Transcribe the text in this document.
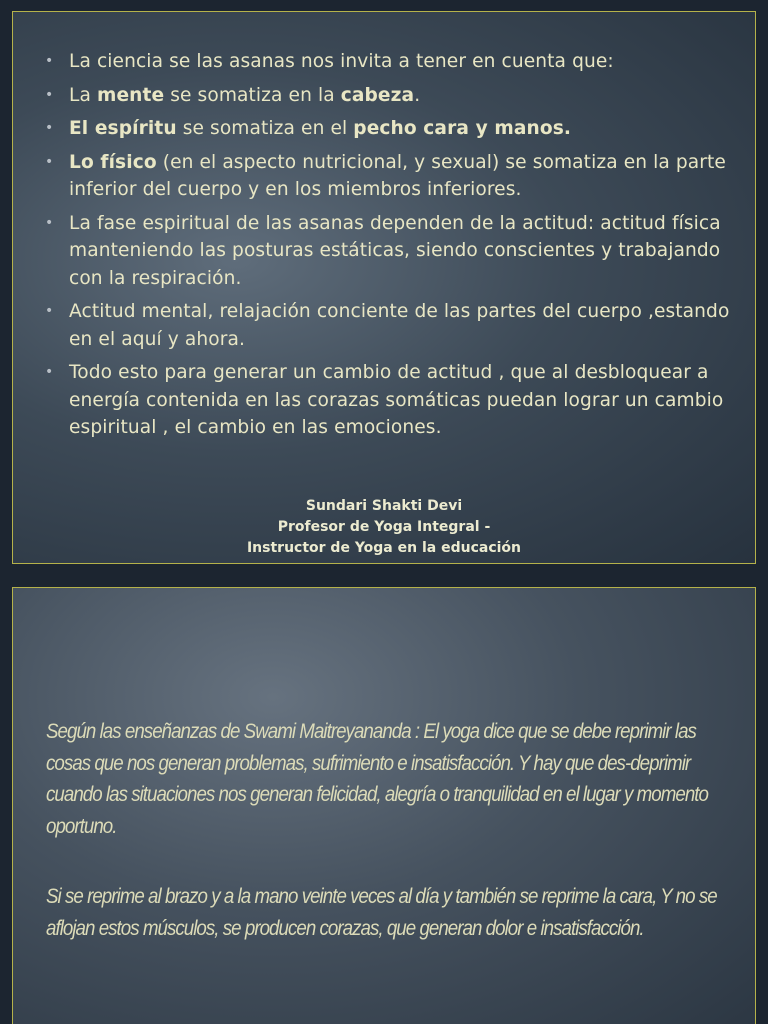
• La ciencia se las asanas nos invita a tener en cuenta que:
• La mente se somatiza en la cabeza.
• El espíritu se somatiza en el pecho cara y manos.
• Lo físico (en el aspecto nutricional, y sexual) se somatiza en la parte inferior del cuerpo y en los miembros inferiores.
• La fase espiritual de las asanas dependen de la actitud: actitud física manteniendo las posturas estáticas, siendo conscientes y trabajando con la respiración.
• Actitud mental, relajación conciente de las partes del cuerpo ,estando en el aquí y ahora.
• Todo esto para generar un cambio de actitud , que al desbloquear a energía contenida en las corazas somáticas puedan lograr un cambio espiritual , el cambio en las emociones.
Sundari Shakti Devi
Profesor de Yoga Integral -
Instructor de Yoga en la educación
Según las enseñanzas de Swami Maitreyananda : El yoga dice que se debe reprimir las cosas que nos generan problemas, sufrimiento e insatisfacción. Y hay que des-deprimir cuando las situaciones nos generan felicidad, alegría o tranquilidad en el lugar y momento oportuno.
Si se reprime al brazo y a la mano veinte veces al día y también se reprime la cara, Y no se aflojan estos músculos, se producen corazas, que generan dolor e insatisfacción.
